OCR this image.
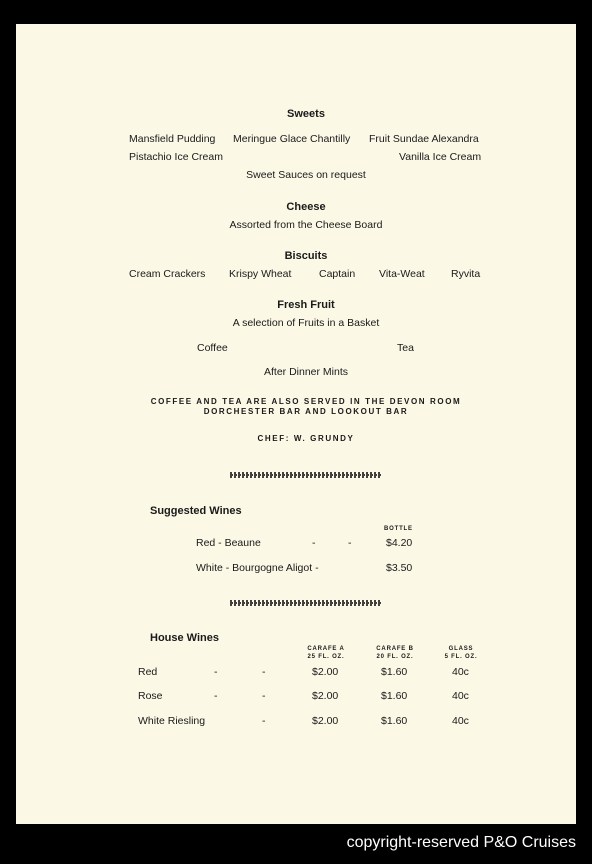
Sweets
Mansfield Pudding Meringue Glace Chantilly Fruit Sundae Alexandra
Pistachio Ice Cream	Vanilla Ice Cream
Sweet Sauces on request
Cheese
Assorted from the Cheese Board
Biscuits
Cream Crackers Krispy Wheat	Captain Vita-Weat	Ryvita
Fresh Fruit
A selection of Fruits in a Basket
Coffee	Tea
After Dinner Mints
COFFEE AND TEA ARE ALSO SERVED IN THE DEVON ROOM
DORCHESTER BAR AND LOOKOUT BAR
CHEF: W. GRUNDY
Suggested Wines
BOTTLE
Red - Beaune	-	-	$4.20
White - Bourgogne Aligot -	$3.50
House Wines
CARAFE A
25 FL. OZ.
CARAFE B
20 FL. OZ.
GLASS
5 FL. OZ.
Red	-	-	$2.00	$1.60	40c
Rose	-	-	$2.00	$1.60	40c
White Riesling	-	$2.00	$1.60	40c
copyright-reserved P&O Cruises
